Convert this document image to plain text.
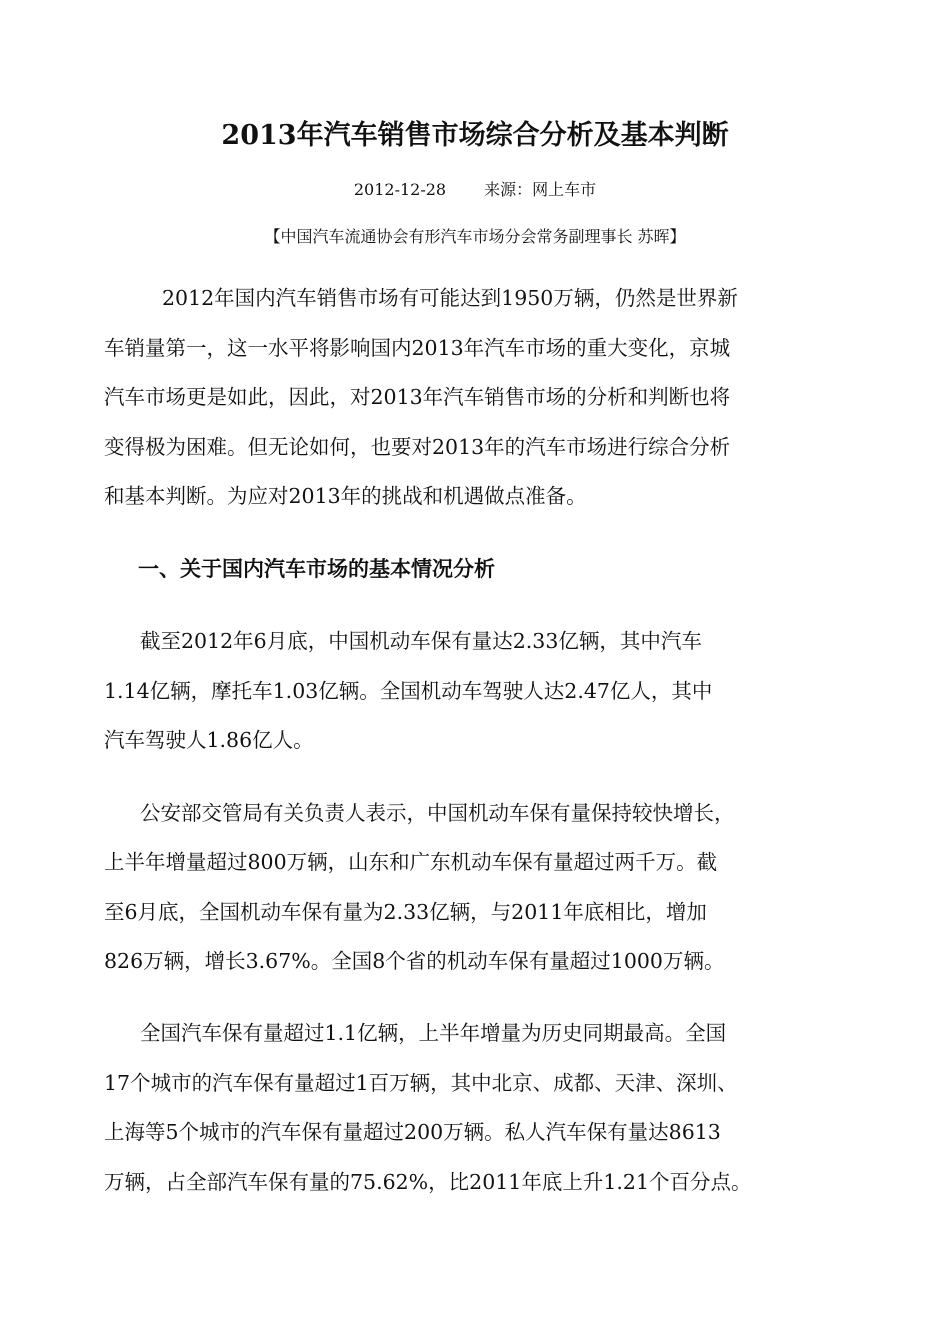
2013年汽车销售市场综合分析及基本判断
2012-12-28 来源：网上车市
【中国汽车流通协会有形汽车市场分会常务副理事长 苏晖】
2012年国内汽车销售市场有可能达到1950万辆，仍然是世界新
车销量第一，这一水平将影响国内2013年汽车市场的重大变化，京城
汽车市场更是如此，因此，对2013年汽车销售市场的分析和判断也将
变得极为困难。但无论如何，也要对2013年的汽车市场进行综合分析
和基本判断。为应对2013年的挑战和机遇做点准备。
一、关于国内汽车市场的基本情况分析
截至2012年6月底，中国机动车保有量达2.33亿辆，其中汽车
1.14亿辆，摩托车1.03亿辆。全国机动车驾驶人达2.47亿人，其中
汽车驾驶人1.86亿人。
公安部交管局有关负责人表示，中国机动车保有量保持较快增长，
上半年增量超过800万辆，山东和广东机动车保有量超过两千万。截
至6月底，全国机动车保有量为2.33亿辆，与2011年底相比，增加
826万辆，增长3.67%。全国8个省的机动车保有量超过1000万辆。
全国汽车保有量超过1.1亿辆，上半年增量为历史同期最高。全国
17个城市的汽车保有量超过1百万辆，其中北京、成都、天津、深圳、
上海等5个城市的汽车保有量超过200万辆。私人汽车保有量达8613
万辆，占全部汽车保有量的75.62%，比2011年底上升1.21个百分点。
